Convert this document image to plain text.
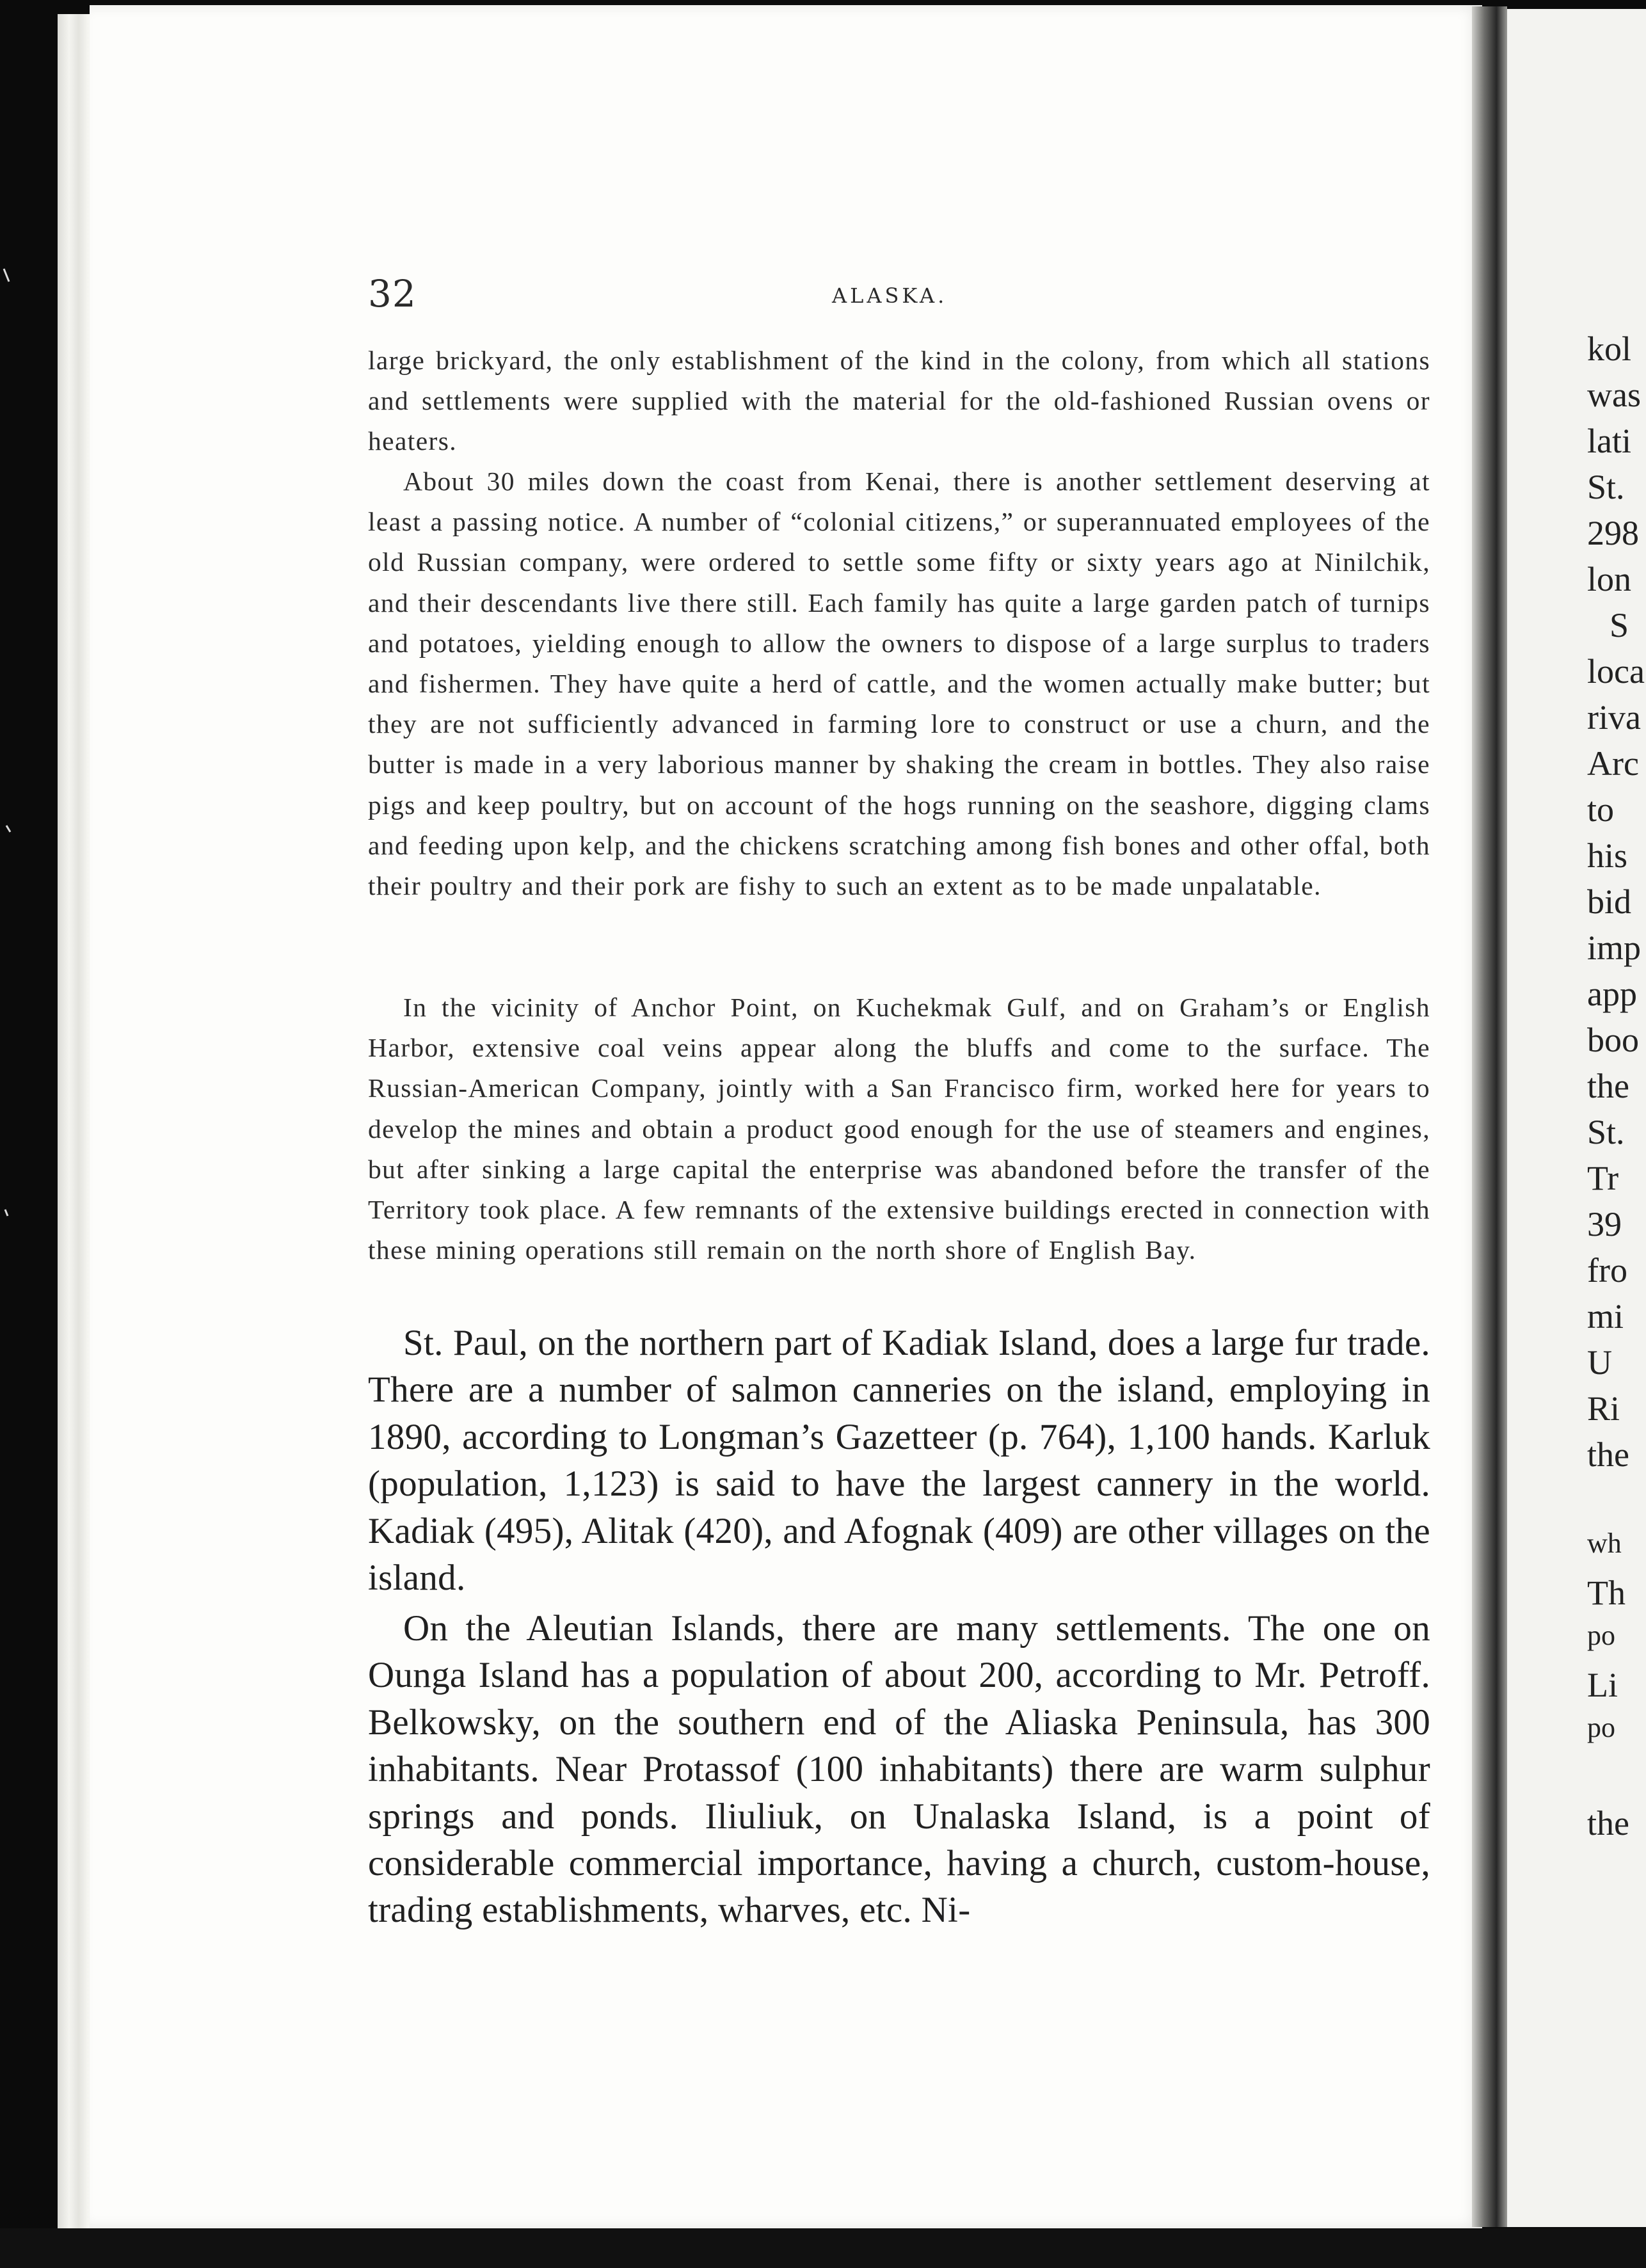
32	ALASKA.

large brickyard, the only establishment of the kind in the colony, from which all stations and settlements were supplied with the material for the old-fashioned Russian ovens or heaters.

About 30 miles down the coast from Kenai, there is another settlement deserving at least a passing notice. A number of “colonial citizens,” or superannuated employees of the old Russian company, were ordered to settle some fifty or sixty years ago at Ninilchik, and their descendants live there still. Each family has quite a large garden patch of turnips and potatoes, yielding enough to allow the owners to dispose of a large surplus to traders and fishermen. They have quite a herd of cattle, and the women actually make butter; but they are not sufficiently advanced in farming lore to construct or use a churn, and the butter is made in a very laborious manner by shaking the cream in bottles. They also raise pigs and keep poultry, but on account of the hogs running on the seashore, digging clams and feeding upon kelp, and the chickens scratching among fish bones and other offal, both their poultry and their pork are fishy to such an extent as to be made unpalatable.

In the vicinity of Anchor Point, on Kuchekmak Gulf, and on Graham’s or English Harbor, extensive coal veins appear along the bluffs and come to the surface. The Russian-American Company, jointly with a San Francisco firm, worked here for years to develop the mines and obtain a product good enough for the use of steamers and engines, but after sinking a large capital the enterprise was abandoned before the transfer of the Territory took place. A few remnants of the extensive buildings erected in connection with these mining operations still remain on the north shore of English Bay.

St. Paul, on the northern part of Kadiak Island, does a large fur trade. There are a number of salmon canneries on the island, employing in 1890, according to Longman’s Gazetteer (p. 764), 1,100 hands. Karluk (population, 1,123) is said to have the largest cannery in the world. Kadiak (495), Alitak (420), and Afognak (409) are other villages on the island.

On the Aleutian Islands, there are many settlements. The one on Ounga Island has a population of about 200, according to Mr. Petroff. Belkowsky, on the southern end of the Aliaska Peninsula, has 300 inhabitants. Near Protassof (100 inhabitants) there are warm sulphur springs and ponds. Iliuliuk, on Unalaska Island, is a point of considerable commercial importance, having a church, custom-house, trading establishments, wharves, etc. Ni-

kol
was
lati
St.
298
lon
S
loca
riva
Arc
to
his
bid
imp
app
boo
the
St.
Tr
39
fro
mi
U
Ri
the
wh
Th
po
Li
po
the
